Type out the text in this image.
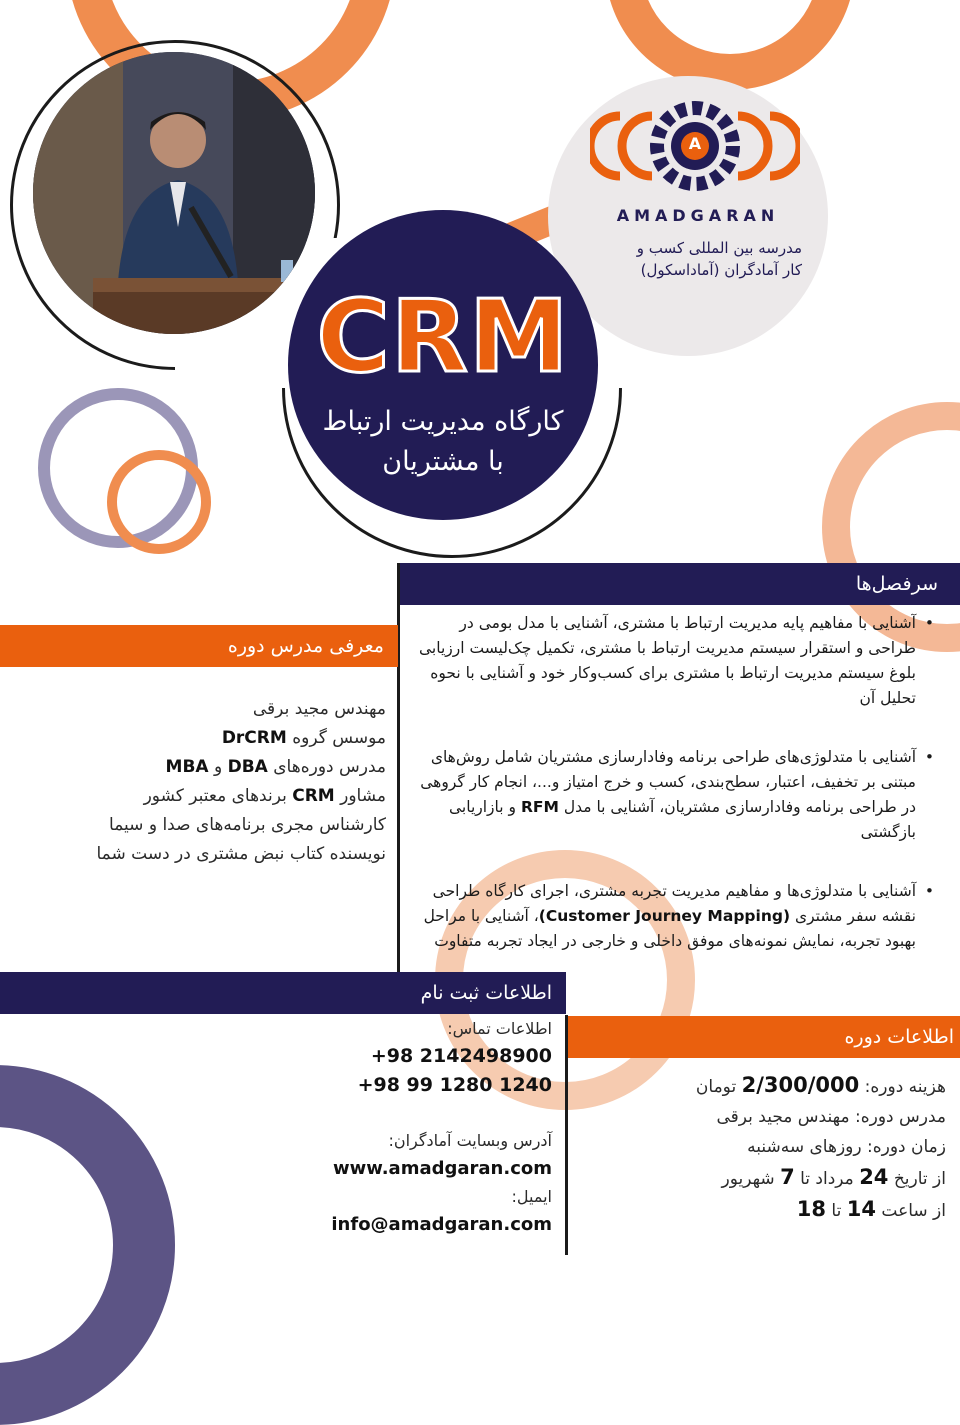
A
AMADGARAN
مدرسه بین المللی کسب و
کار آمادگران (آماداسکول)
CRM
کارگاه مدیریت ارتباط
با مشتریان
سرفصل‌ها
• آشنایی با مفاهیم پایه مدیریت ارتباط با مشتری، آشنایی با مدل بومی در طراحی و استقرار سیستم مدیریت ارتباط با مشتری، تکمیل چک‌لیست ارزیابی بلوغ سیستم مدیریت ارتباط با مشتری برای کسب‌وکار خود و آشنایی با نحوه تحلیل آن
• آشنایی با متدلوژی‌های طراحی برنامه وفادارسازی مشتریان شامل روش‌های مبتنی بر تخفیف، اعتبار، سطح‌بندی، کسب و خرج امتیاز و...، انجام کار گروهی در طراحی برنامه وفادارسازی مشتریان، آشنایی با مدل RFM و بازاریابی بازگشتی
• آشنایی با متدلوژی‌ها و مفاهیم مدیریت تجربه مشتری، اجرای کارگاه طراحی نقشه سفر مشتری (Customer Journey Mapping)، آشنایی با مراحل بهبود تجربه، نمایش نمونه‌های موفق داخلی و خارجی در ایجاد تجربه متفاوت
معرفی مدرس دوره
مهندس مجید برقی
موسس گروه DrCRM
مدرس دوره‌های DBA و MBA
مشاور CRM برندهای معتبر کشور
کارشناس مجری برنامه‌های صدا و سیما
نویسنده کتاب نبض مشتری در دست شما
اطلاعات ثبت نام
اطلاعات تماس:
+98 2142498900
+98 99 1280 1240
آدرس وبسایت آمادگران:
www.amadgaran.com
ایمیل:
info@amadgaran.com
اطلاعات دوره
هزینه دوره: 2/300/000 تومان
مدرس دوره: مهندس مجید برقی
زمان دوره: روزهای سه‌شنبه
از تاریخ 24 مرداد تا 7 شهریور
از ساعت 14 تا 18
